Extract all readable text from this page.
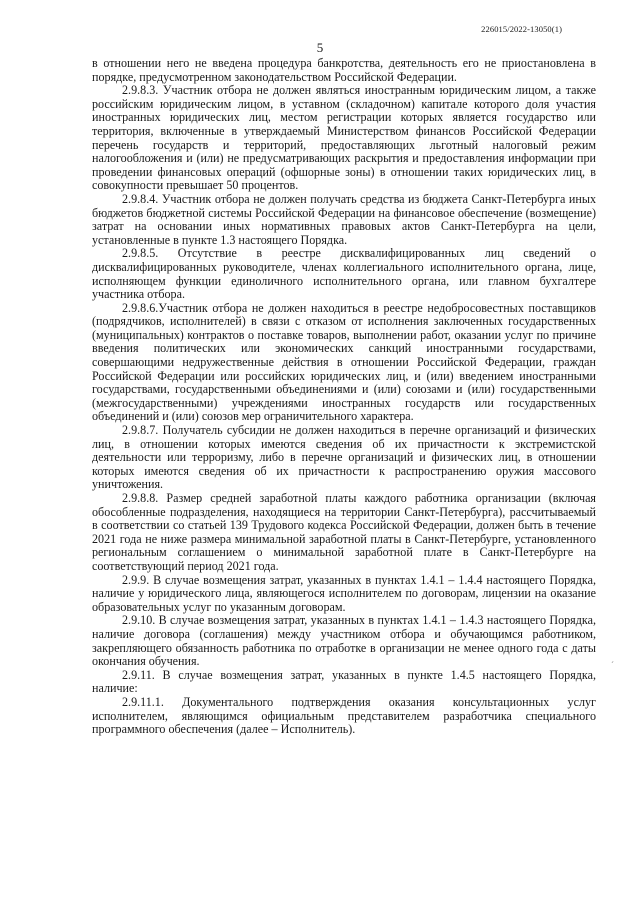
226015/2022-13050(1)
5

в отношении него не введена процедура банкротства, деятельность его не приостановлена в порядке, предусмотренном законодательством Российской Федерации.

2.9.8.3. Участник отбора не должен являться иностранным юридическим лицом, а также российским юридическим лицом, в уставном (складочном) капитале которого доля участия иностранных юридических лиц, местом регистрации которых является государство или территория, включенные в утверждаемый Министерством финансов Российской Федерации перечень государств и территорий, предоставляющих льготный налоговый режим налогообложения и (или) не предусматривающих раскрытия и предоставления информации при проведении финансовых операций (офшорные зоны) в отношении таких юридических лиц, в совокупности превышает 50 процентов.

2.9.8.4. Участник отбора не должен получать средства из бюджета Санкт-Петербурга иных бюджетов бюджетной системы Российской Федерации на финансовое обеспечение (возмещение) затрат на основании иных нормативных правовых актов Санкт-Петербурга на цели, установленные в пункте 1.3 настоящего Порядка.

2.9.8.5. Отсутствие в реестре дисквалифицированных лиц сведений о дисквалифицированных руководителе, членах коллегиального исполнительного органа, лице, исполняющем функции единоличного исполнительного органа, или главном бухгалтере участника отбора.

2.9.8.6.Участник отбора не должен находиться в реестре недобросовестных поставщиков (подрядчиков, исполнителей) в связи с отказом от исполнения заключенных государственных (муниципальных) контрактов о поставке товаров, выполнении работ, оказании услуг по причине введения политических или экономических санкций иностранными государствами, совершающими недружественные действия в отношении Российской Федерации, граждан Российской Федерации или российских юридических лиц, и (или) введением иностранными государствами, государственными объединениями и (или) союзами и (или) государственными (межгосударственными) учреждениями иностранных государств или государственных объединений и (или) союзов мер ограничительного характера.

2.9.8.7. Получатель субсидии не должен находиться в перечне организаций и физических лиц, в отношении которых имеются сведения об их причастности к экстремистской деятельности или терроризму, либо в перечне организаций и физических лиц, в отношении которых имеются сведения об их причастности к распространению оружия массового уничтожения.

2.9.8.8. Размер средней заработной платы каждого работника организации (включая обособленные подразделения, находящиеся на территории Санкт-Петербурга), рассчитываемый в соответствии со статьей 139 Трудового кодекса Российской Федерации, должен быть в течение 2021 года не ниже размера минимальной заработной платы в Санкт-Петербурге, установленного региональным соглашением о минимальной заработной плате в Санкт-Петербурге на соответствующий период 2021 года.

2.9.9. В случае возмещения затрат, указанных в пунктах 1.4.1 – 1.4.4 настоящего Порядка, наличие у юридического лица, являющегося исполнителем по договорам, лицензии на оказание образовательных услуг по указанным договорам.

2.9.10. В случае возмещения затрат, указанных в пунктах 1.4.1 – 1.4.3 настоящего Порядка, наличие договора (соглашения) между участником отбора и обучающимся работником, закрепляющего обязанность работника по отработке в организации не менее одного года с даты окончания обучения.

2.9.11. В случае возмещения затрат, указанных в пункте 1.4.5 настоящего Порядка, наличие:

2.9.11.1. Документального подтверждения оказания консультационных услуг исполнителем, являющимся официальным представителем разработчика специального программного обеспечения (далее – Исполнитель).

ˊ
